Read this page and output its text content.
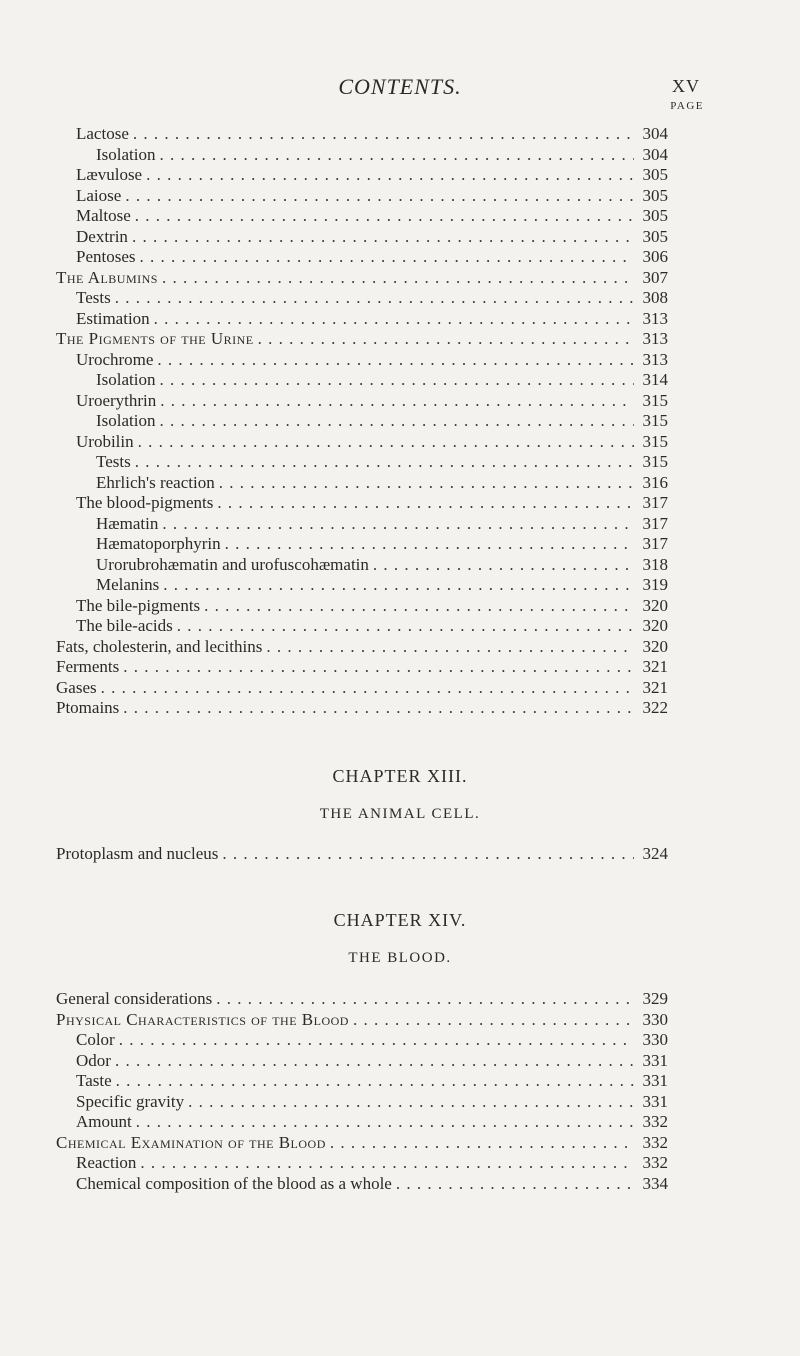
CONTENTS.	XV
PAGE
Lactose . . .	304
Isolation . . .	304
Lævulose . . .	305
Laiose . . .	305
Maltose . . .	305
Dextrin . . .	305
Pentoses . . .	306
The Albumins . . .	307
Tests . . .	308
Estimation . . .	313
The Pigments of the Urine . . .	313
Urochrome . . .	313
Isolation . . .	314
Uroerythrin . . .	315
Isolation . . .	315
Urobilin . . .	315
Tests . . .	315
Ehrlich's reaction . . .	316
The blood-pigments . . .	317
Hæmatin . . .	317
Hæmatoporphyrin . . .	317
Urorubrohæmatin and urofuscohæmatin . . .	318
Melanins . . .	319
The bile-pigments . . .	320
The bile-acids . . .	320
Fats, cholesterin, and lecithins . . .	320
Ferments . . .	321
Gases . . .	321
Ptomains . . .	322
CHAPTER XIII.
THE ANIMAL CELL.
Protoplasm and nucleus . . .	324
CHAPTER XIV.
THE BLOOD.
General considerations . . .	329
Physical Characteristics of the Blood . . .	330
Color . . .	330
Odor . . .	331
Taste . . .	331
Specific gravity . . .	331
Amount . . .	332
Chemical Examination of the Blood . . .	332
Reaction . . .	332
Chemical composition of the blood as a whole . . .	334
